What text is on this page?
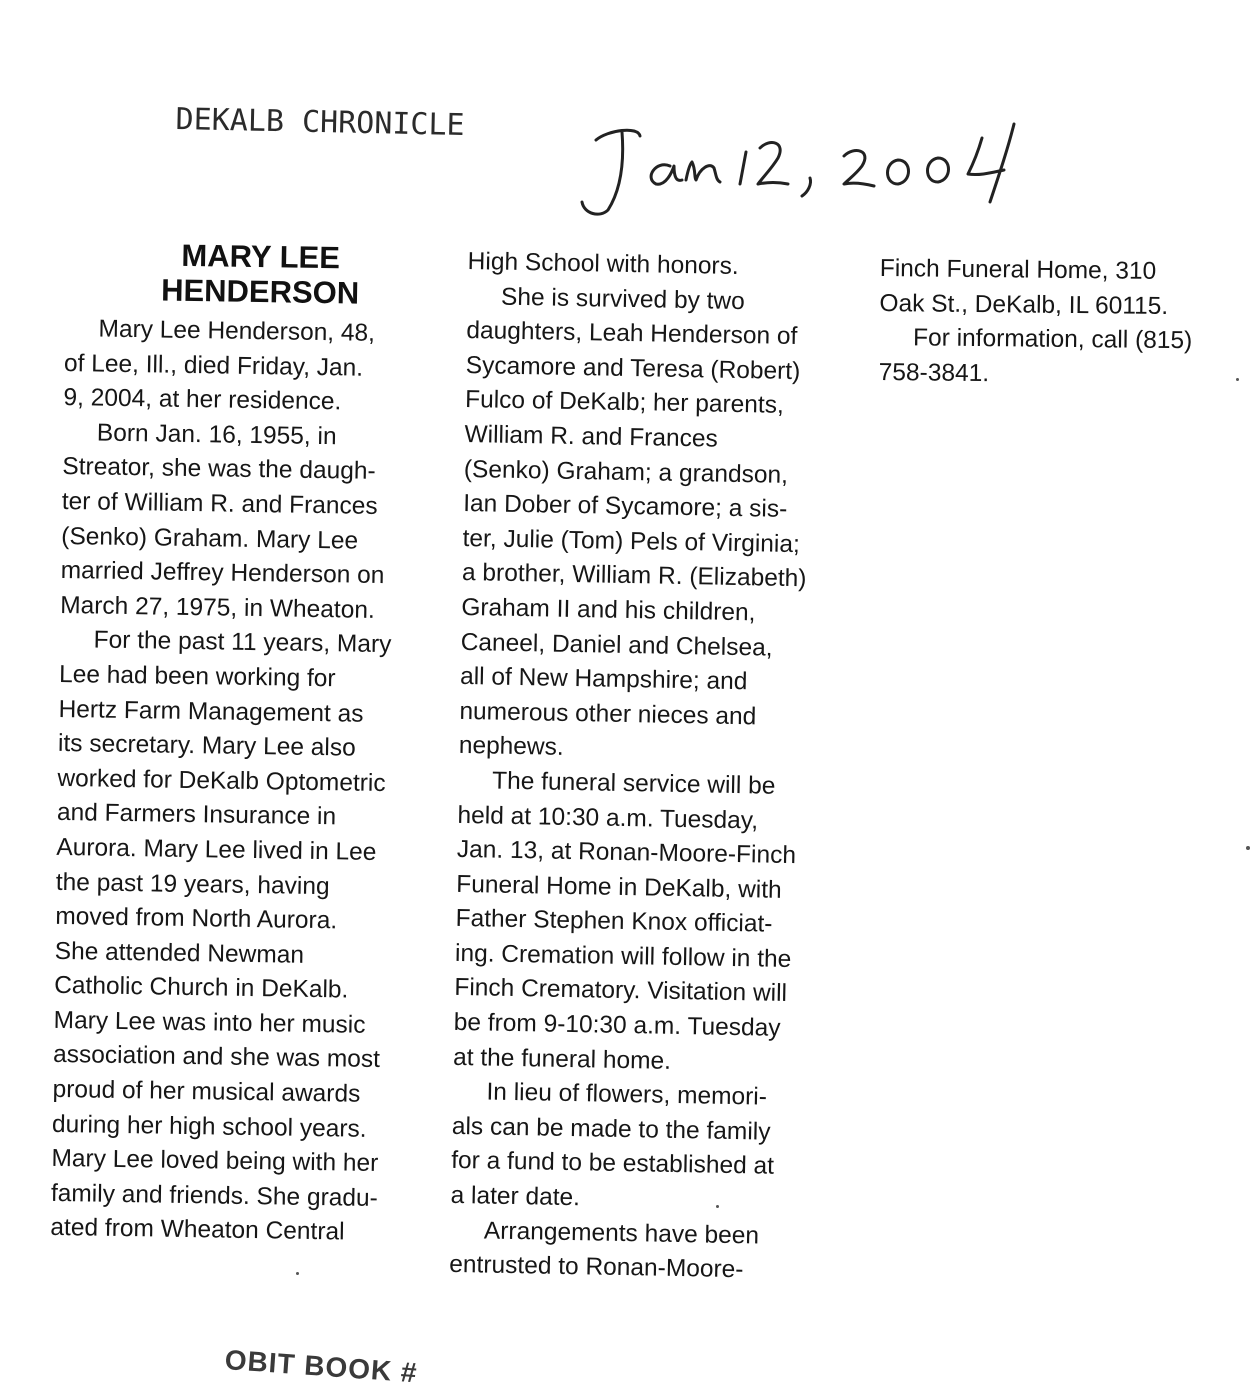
DEKALB CHRONICLE
MARY LEE
HENDERSON
Mary Lee Henderson, 48,
of Lee, Ill., died Friday, Jan.
9, 2004, at her residence.
Born Jan. 16, 1955, in
Streator, she was the daugh-
ter of William R. and Frances
(Senko) Graham. Mary Lee
married Jeffrey Henderson on
March 27, 1975, in Wheaton.
For the past 11 years, Mary
Lee had been working for
Hertz Farm Management as
its secretary. Mary Lee also
worked for DeKalb Optometric
and Farmers Insurance in
Aurora. Mary Lee lived in Lee
the past 19 years, having
moved from North Aurora.
She attended Newman
Catholic Church in DeKalb.
Mary Lee was into her music
association and she was most
proud of her musical awards
during her high school years.
Mary Lee loved being with her
family and friends. She gradu-
ated from Wheaton Central
High School with honors.
She is survived by two
daughters, Leah Henderson of
Sycamore and Teresa (Robert)
Fulco of DeKalb; her parents,
William R. and Frances
(Senko) Graham; a grandson,
Ian Dober of Sycamore; a sis-
ter, Julie (Tom) Pels of Virginia;
a brother, William R. (Elizabeth)
Graham II and his children,
Caneel, Daniel and Chelsea,
all of New Hampshire; and
numerous other nieces and
nephews.
The funeral service will be
held at 10:30 a.m. Tuesday,
Jan. 13, at Ronan-Moore-Finch
Funeral Home in DeKalb, with
Father Stephen Knox officiat-
ing. Cremation will follow in the
Finch Crematory. Visitation will
be from 9-10:30 a.m. Tuesday
at the funeral home.
In lieu of flowers, memori-
als can be made to the family
for a fund to be established at
a later date.
Arrangements have been
entrusted to Ronan-Moore-
Finch Funeral Home, 310
Oak St., DeKalb, IL 60115.
For information, call (815)
758-3841.
OBIT BOOK #
